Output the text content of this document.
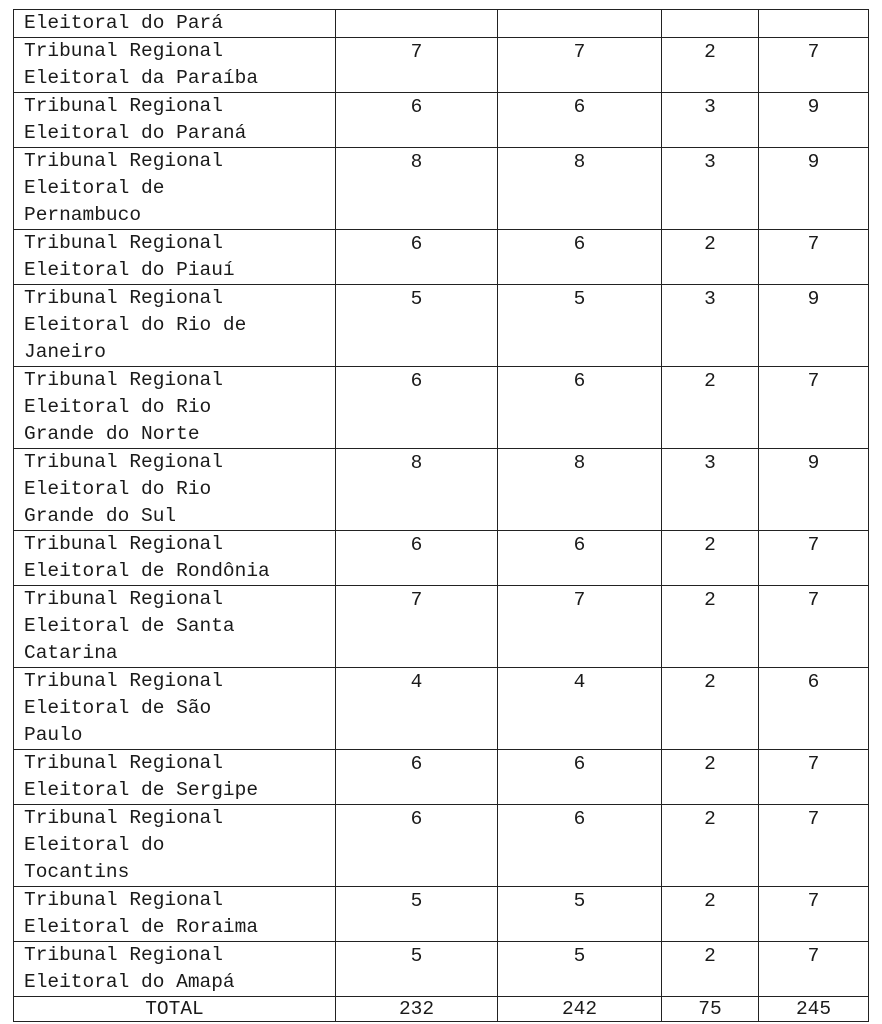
Eleitoral do Pará				
Tribunal Regional
Eleitoral da Paraíba	7	7	2	7
Tribunal Regional
Eleitoral do Paraná	6	6	3	9
Tribunal Regional
Eleitoral de
Pernambuco	8	8	3	9
Tribunal Regional
Eleitoral do Piauí	6	6	2	7
Tribunal Regional
Eleitoral do Rio de
Janeiro	5	5	3	9
Tribunal Regional
Eleitoral do Rio
Grande do Norte	6	6	2	7
Tribunal Regional
Eleitoral do Rio
Grande do Sul	8	8	3	9
Tribunal Regional
Eleitoral de Rondônia	6	6	2	7
Tribunal Regional
Eleitoral de Santa
Catarina	7	7	2	7
Tribunal Regional
Eleitoral de São
Paulo	4	4	2	6
Tribunal Regional
Eleitoral de Sergipe	6	6	2	7
Tribunal Regional
Eleitoral do
Tocantins	6	6	2	7
Tribunal Regional
Eleitoral de Roraima	5	5	2	7
Tribunal Regional
Eleitoral do Amapá	5	5	2	7
TOTAL	232	242	75	245
